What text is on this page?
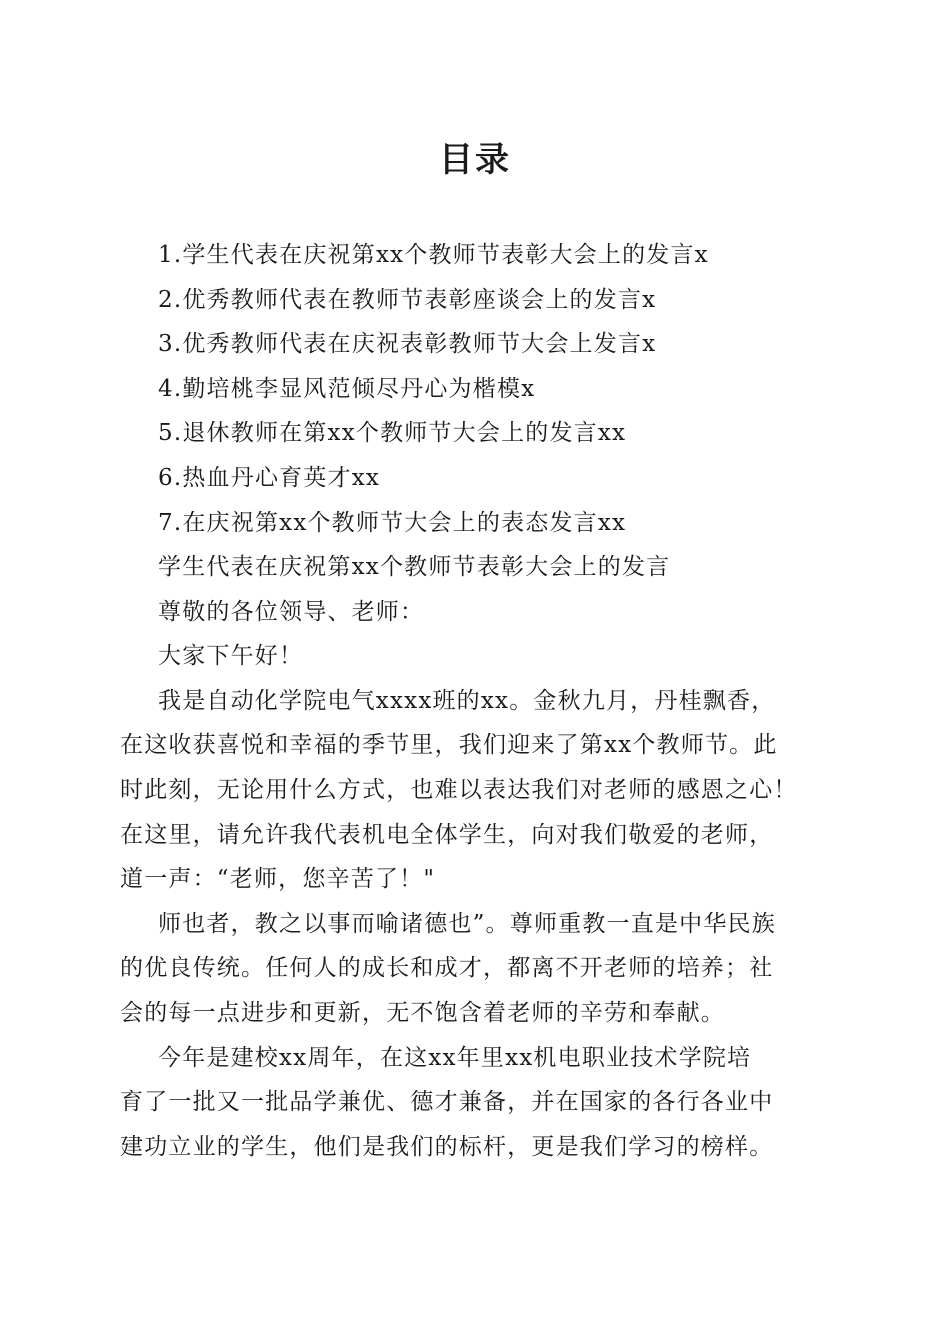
目录
1.学生代表在庆祝第xx个教师节表彰大会上的发言x
2.优秀教师代表在教师节表彰座谈会上的发言x
3.优秀教师代表在庆祝表彰教师节大会上发言x
4.勤培桃李显风范倾尽丹心为楷模x
5.退休教师在第xx个教师节大会上的发言xx
6.热血丹心育英才xx
7.在庆祝第xx个教师节大会上的表态发言xx
学生代表在庆祝第xx个教师节表彰大会上的发言
尊敬的各位领导、老师：
大家下午好！
我是自动化学院电气xxxx班的xx。金秋九月，丹桂飘香，
在这收获喜悦和幸福的季节里，我们迎来了第xx个教师节。此
时此刻，无论用什么方式，也难以表达我们对老师的感恩之心！
在这里，请允许我代表机电全体学生，向对我们敬爱的老师，
道一声：“老师，您辛苦了！"
师也者，教之以事而喻诸德也”。尊师重教一直是中华民族
的优良传统。任何人的成长和成才，都离不开老师的培养；社
会的每一点进步和更新，无不饱含着老师的辛劳和奉献。
今年是建校xx周年，在这xx年里xx机电职业技术学院培
育了一批又一批品学兼优、德才兼备，并在国家的各行各业中
建功立业的学生，他们是我们的标杆，更是我们学习的榜样。
